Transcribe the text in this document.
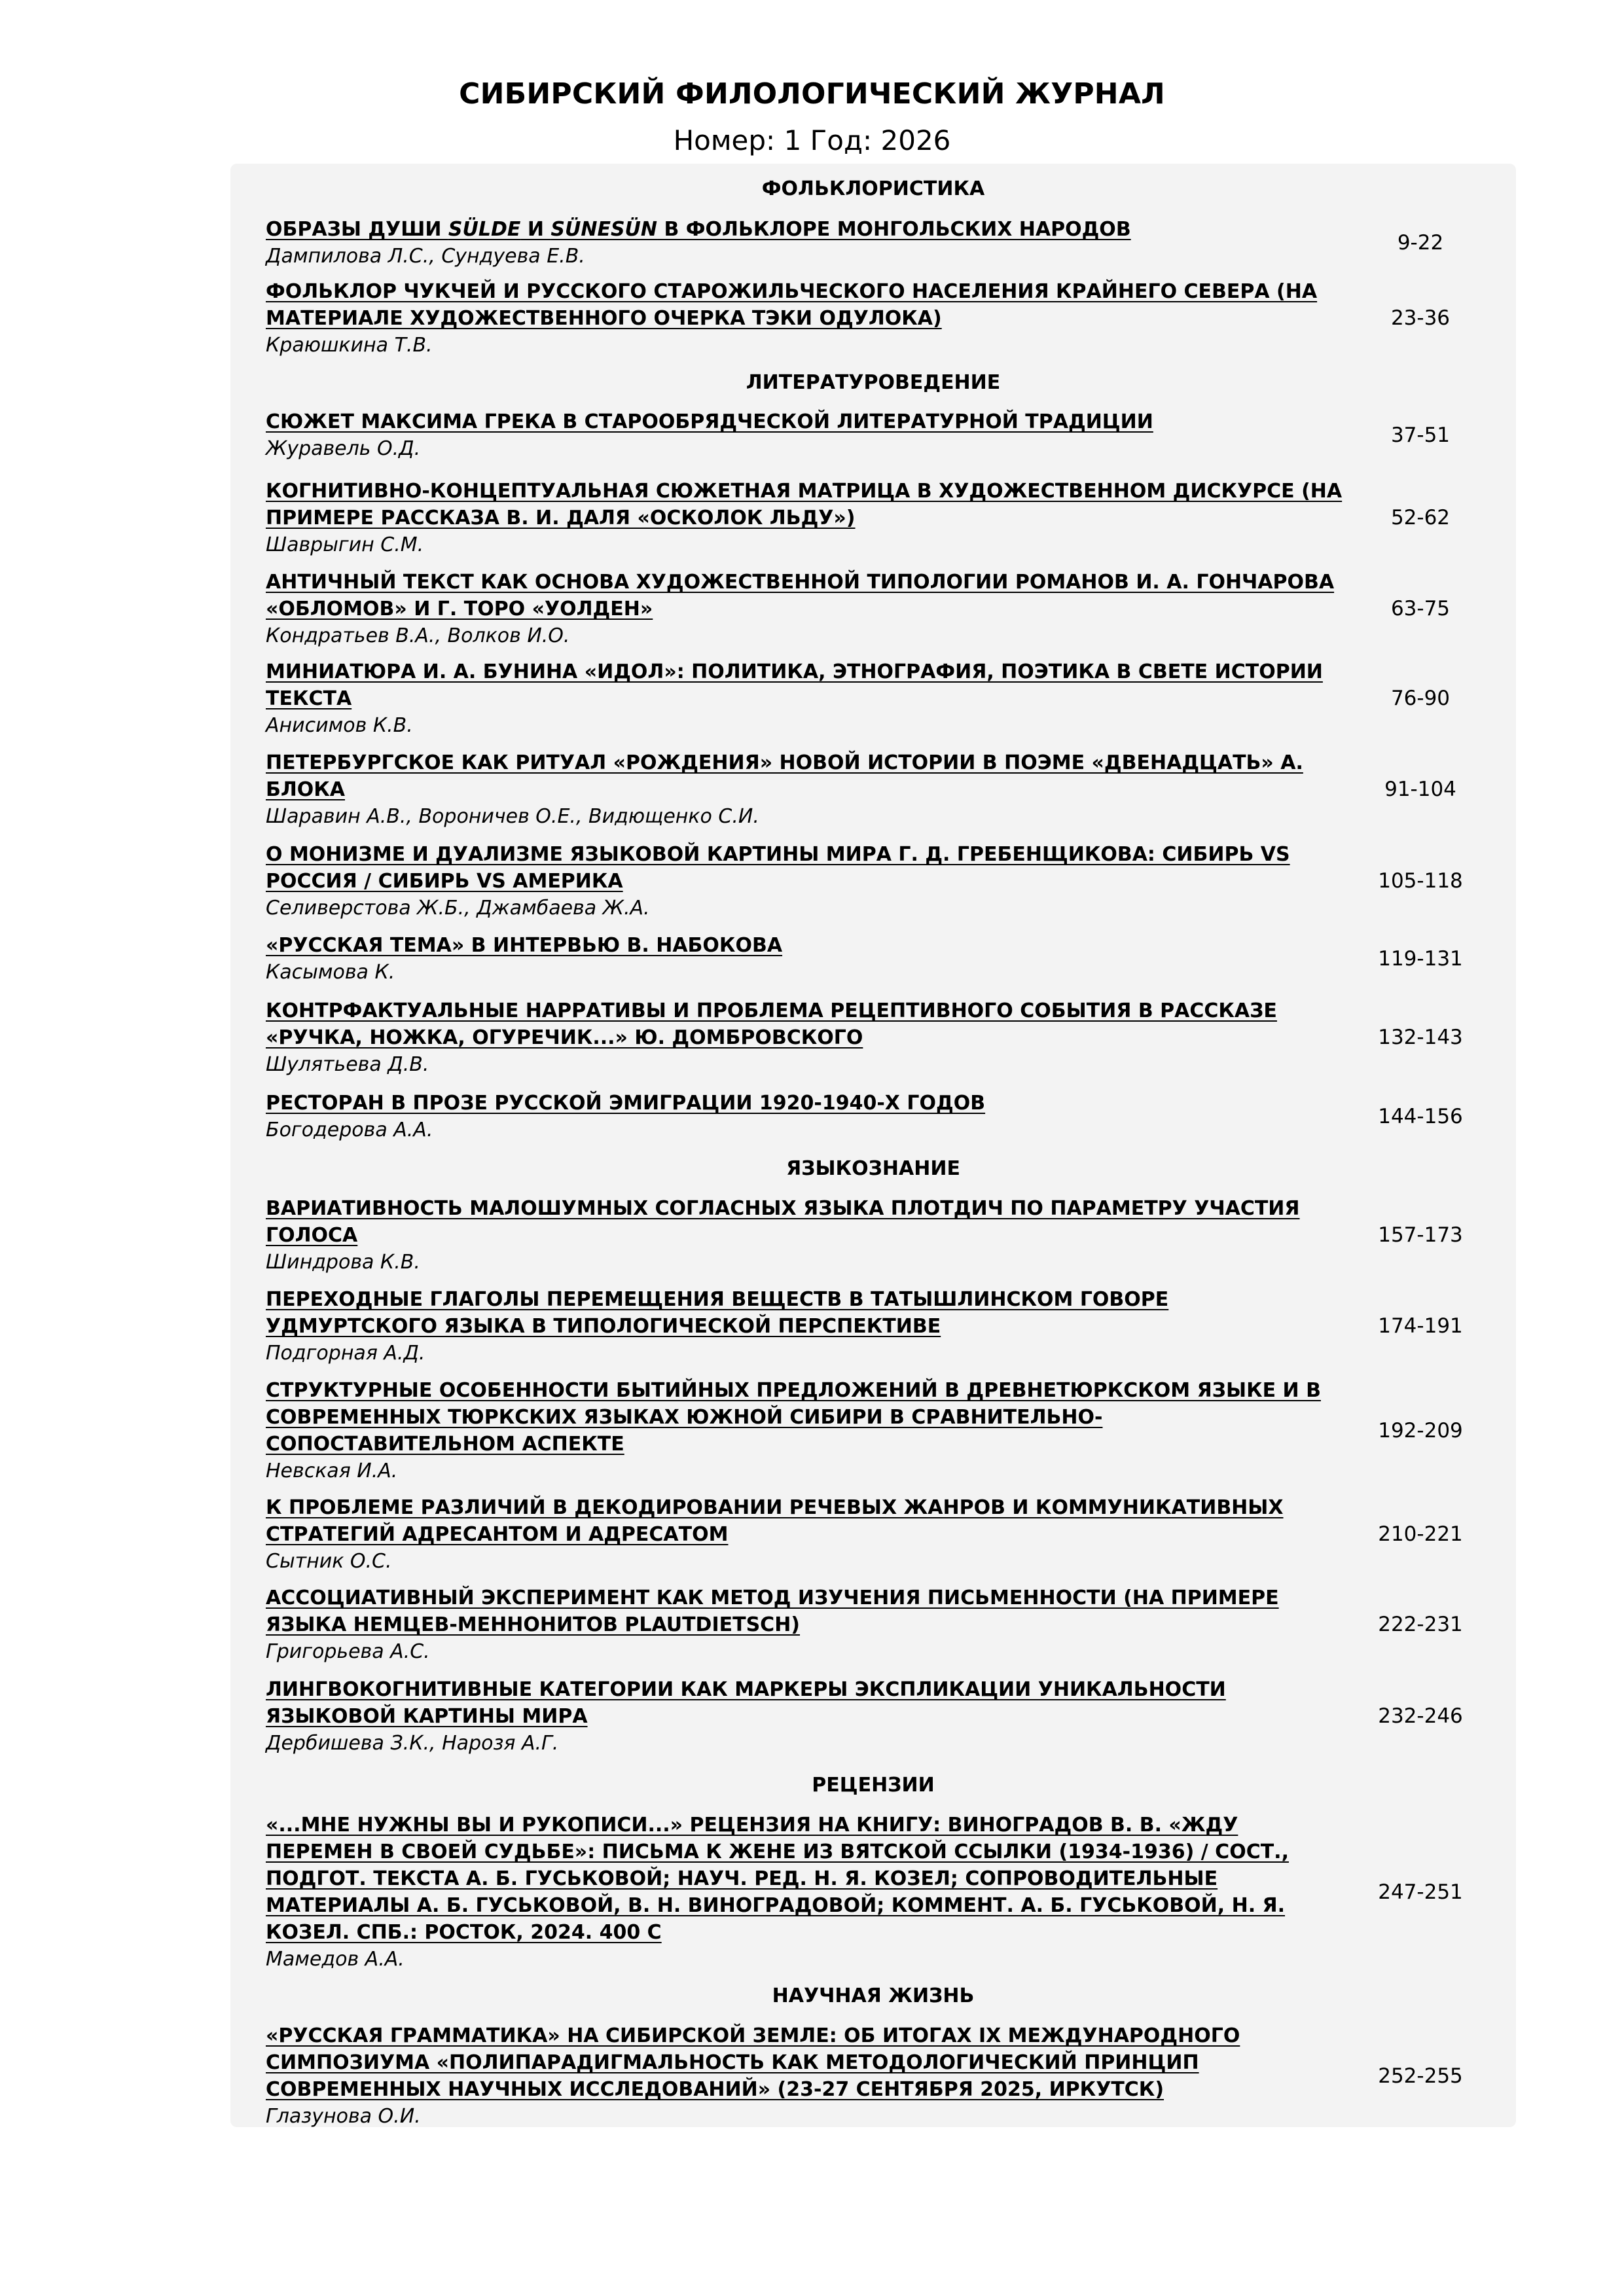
СИБИРСКИЙ ФИЛОЛОГИЧЕСКИЙ ЖУРНАЛ
Номер: 1 Год: 2026
ФОЛЬКЛОРИСТИКА
ОБРАЗЫ ДУШИ SÜLDE И SÜNESÜN В ФОЛЬКЛОРЕ МОНГОЛЬСКИХ НАРОДОВ
Дампилова Л.С., Сундуева Е.В.
9-22
ФОЛЬКЛОР ЧУКЧЕЙ И РУССКОГО СТАРОЖИЛЬЧЕСКОГО НАСЕЛЕНИЯ КРАЙНЕГО СЕВЕРА (НА
МАТЕРИАЛЕ ХУДОЖЕСТВЕННОГО ОЧЕРКА ТЭКИ ОДУЛОКА)
Краюшкина Т.В.
23-36
ЛИТЕРАТУРОВЕДЕНИЕ
СЮЖЕТ МАКСИМА ГРЕКА В СТАРООБРЯДЧЕСКОЙ ЛИТЕРАТУРНОЙ ТРАДИЦИИ
Журавель О.Д.
37-51
КОГНИТИВНО-КОНЦЕПТУАЛЬНАЯ СЮЖЕТНАЯ МАТРИЦА В ХУДОЖЕСТВЕННОМ ДИСКУРСЕ (НА
ПРИМЕРЕ РАССКАЗА В. И. ДАЛЯ «ОСКОЛОК ЛЬДУ»)
Шаврыгин С.М.
52-62
АНТИЧНЫЙ ТЕКСТ КАК ОСНОВА ХУДОЖЕСТВЕННОЙ ТИПОЛОГИИ РОМАНОВ И. А. ГОНЧАРОВА
«ОБЛОМОВ» И Г. ТОРО «УОЛДЕН»
Кондратьев В.А., Волков И.О.
63-75
МИНИАТЮРА И. А. БУНИНА «ИДОЛ»: ПОЛИТИКА, ЭТНОГРАФИЯ, ПОЭТИКА В СВЕТЕ ИСТОРИИ
ТЕКСТА
Анисимов К.В.
76-90
ПЕТЕРБУРГСКОЕ КАК РИТУАЛ «РОЖДЕНИЯ» НОВОЙ ИСТОРИИ В ПОЭМЕ «ДВЕНАДЦАТЬ» А.
БЛОКА
Шаравин А.В., Вороничев О.Е., Видющенко С.И.
91-104
О МОНИЗМЕ И ДУАЛИЗМЕ ЯЗЫКОВОЙ КАРТИНЫ МИРА Г. Д. ГРЕБЕНЩИКОВА: СИБИРЬ VS
РОССИЯ / СИБИРЬ VS АМЕРИКА
Селиверстова Ж.Б., Джамбаева Ж.А.
105-118
«РУССКАЯ ТЕМА» В ИНТЕРВЬЮ В. НАБОКОВА
Касымова К.
119-131
КОНТРФАКТУАЛЬНЫЕ НАРРАТИВЫ И ПРОБЛЕМА РЕЦЕПТИВНОГО СОБЫТИЯ В РАССКАЗЕ
«РУЧКА, НОЖКА, ОГУРЕЧИК...» Ю. ДОМБРОВСКОГО
Шулятьева Д.В.
132-143
РЕСТОРАН В ПРОЗЕ РУССКОЙ ЭМИГРАЦИИ 1920-1940-Х ГОДОВ
Богодерова А.А.
144-156
ЯЗЫКОЗНАНИЕ
ВАРИАТИВНОСТЬ МАЛОШУМНЫХ СОГЛАСНЫХ ЯЗЫКА ПЛОТДИЧ ПО ПАРАМЕТРУ УЧАСТИЯ
ГОЛОСА
Шиндрова К.В.
157-173
ПЕРЕХОДНЫЕ ГЛАГОЛЫ ПЕРЕМЕЩЕНИЯ ВЕЩЕСТВ В ТАТЫШЛИНСКОМ ГОВОРЕ
УДМУРТСКОГО ЯЗЫКА В ТИПОЛОГИЧЕСКОЙ ПЕРСПЕКТИВЕ
Подгорная А.Д.
174-191
СТРУКТУРНЫЕ ОСОБЕННОСТИ БЫТИЙНЫХ ПРЕДЛОЖЕНИЙ В ДРЕВНЕТЮРКСКОМ ЯЗЫКЕ И В
СОВРЕМЕННЫХ ТЮРКСКИХ ЯЗЫКАХ ЮЖНОЙ СИБИРИ В СРАВНИТЕЛЬНО-
СОПОСТАВИТЕЛЬНОМ АСПЕКТЕ
Невская И.А.
192-209
К ПРОБЛЕМЕ РАЗЛИЧИЙ В ДЕКОДИРОВАНИИ РЕЧЕВЫХ ЖАНРОВ И КОММУНИКАТИВНЫХ
СТРАТЕГИЙ АДРЕСАНТОМ И АДРЕСАТОМ
Сытник О.С.
210-221
АССОЦИАТИВНЫЙ ЭКСПЕРИМЕНТ КАК МЕТОД ИЗУЧЕНИЯ ПИСЬМЕННОСТИ (НА ПРИМЕРЕ
ЯЗЫКА НЕМЦЕВ-МЕННОНИТОВ PLAUTDIETSCH)
Григорьева А.С.
222-231
ЛИНГВОКОГНИТИВНЫЕ КАТЕГОРИИ КАК МАРКЕРЫ ЭКСПЛИКАЦИИ УНИКАЛЬНОСТИ
ЯЗЫКОВОЙ КАРТИНЫ МИРА
Дербишева З.К., Нарозя А.Г.
232-246
РЕЦЕНЗИИ
«...МНЕ НУЖНЫ ВЫ И РУКОПИСИ...» РЕЦЕНЗИЯ НА КНИГУ: ВИНОГРАДОВ В. В. «ЖДУ
ПЕРЕМЕН В СВОЕЙ СУДЬБЕ»: ПИСЬМА К ЖЕНЕ ИЗ ВЯТСКОЙ ССЫЛКИ (1934-1936) / СОСТ.,
ПОДГОТ. ТЕКСТА А. Б. ГУСЬКОВОЙ; НАУЧ. РЕД. Н. Я. КОЗЕЛ; СОПРОВОДИТЕЛЬНЫЕ
МАТЕРИАЛЫ А. Б. ГУСЬКОВОЙ, В. Н. ВИНОГРАДОВОЙ; КОММЕНТ. А. Б. ГУСЬКОВОЙ, Н. Я.
КОЗЕЛ. СПБ.: РОСТОК, 2024. 400 С
Мамедов А.А.
247-251
НАУЧНАЯ ЖИЗНЬ
«РУССКАЯ ГРАММАТИКА» НА СИБИРСКОЙ ЗЕМЛЕ: ОБ ИТОГАХ IX МЕЖДУНАРОДНОГО
СИМПОЗИУМА «ПОЛИПАРАДИГМАЛЬНОСТЬ КАК МЕТОДОЛОГИЧЕСКИЙ ПРИНЦИП
СОВРЕМЕННЫХ НАУЧНЫХ ИССЛЕДОВАНИЙ» (23-27 СЕНТЯБРЯ 2025, ИРКУТСК)
Глазунова О.И.
252-255
